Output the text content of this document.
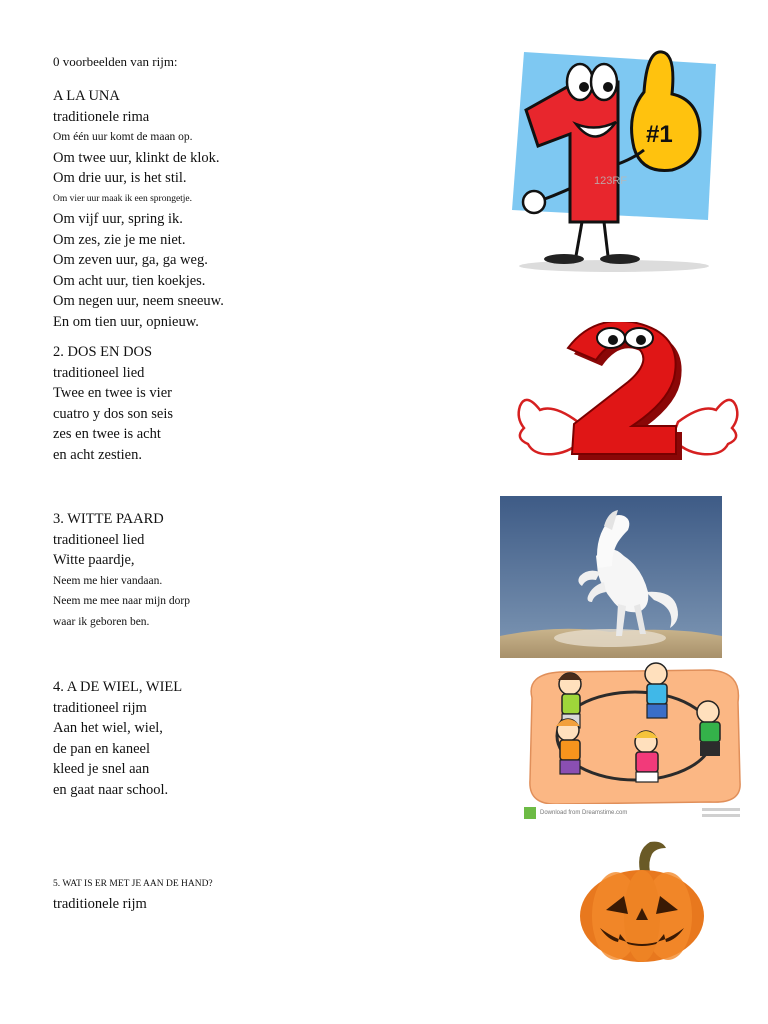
0 voorbeelden van rijm:
A LA UNA
traditionele rima
Om één uur komt de maan op.
Om twee uur, klinkt de klok.
Om drie uur, is het stil.
Om vier uur maak ik een sprongetje.
Om vijf uur, spring ik.
Om zes, zie je me niet.
Om zeven uur, ga, ga weg.
Om acht uur, tien koekjes.
Om negen uur, neem sneeuw.
En om tien uur, opnieuw.
2. DOS EN DOS
traditioneel lied
Twee en twee is vier
cuatro y dos son seis
zes en twee is acht
en acht zestien.
3. WITTE PAARD
traditioneel lied
Witte paardje,
Neem me hier vandaan.
Neem me mee naar mijn dorp
waar ik geboren ben.
4. A DE WIEL, WIEL
traditioneel rijm
Aan het wiel, wiel,
de pan en kaneel
kleed je snel aan
en gaat naar school.
5. WAT IS ER MET JE AAN DE HAND?
traditionele rijm
#1
123RF
Download from Dreamstime.com
